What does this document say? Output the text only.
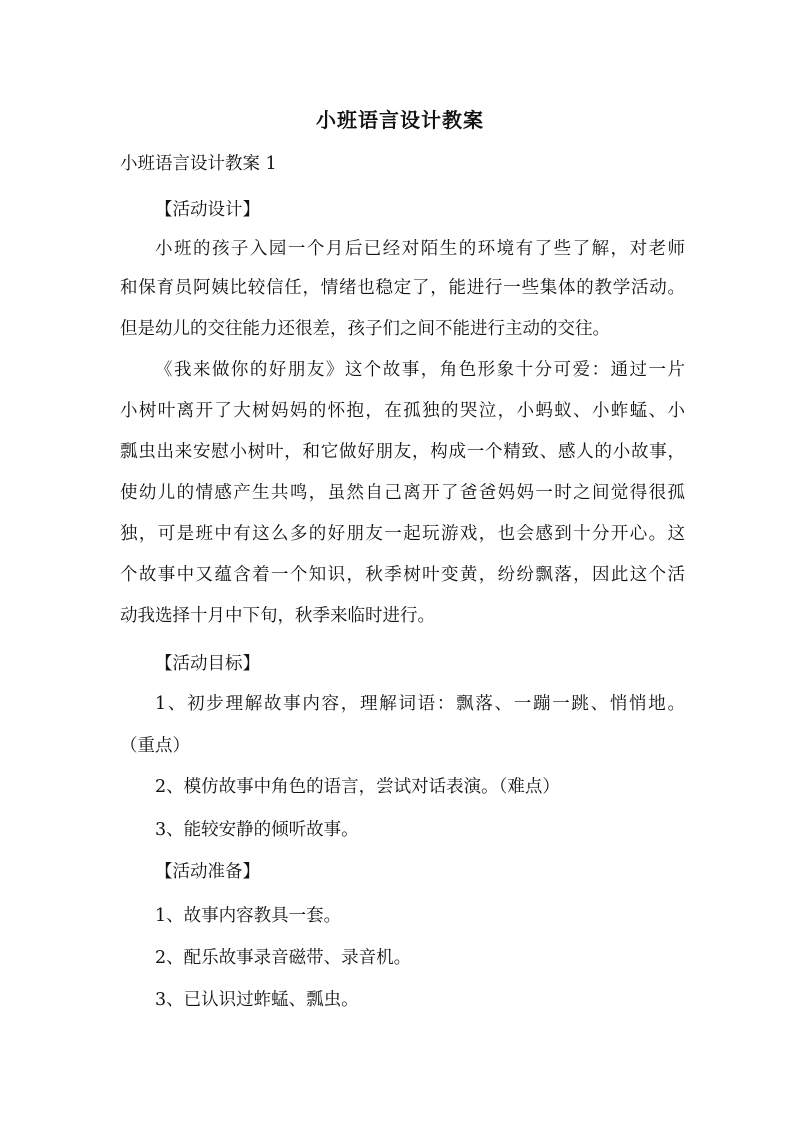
小班语言设计教案
小班语言设计教案 1
【活动设计】
小班的孩子入园一个月后已经对陌生的环境有了些了解，对老师
和保育员阿姨比较信任，情绪也稳定了，能进行一些集体的教学活动。
但是幼儿的交往能力还很差，孩子们之间不能进行主动的交往。
《我来做你的好朋友》这个故事，角色形象十分可爱：通过一片
小树叶离开了大树妈妈的怀抱，在孤独的哭泣，小蚂蚁、小蚱蜢、小
瓢虫出来安慰小树叶，和它做好朋友，构成一个精致、感人的小故事，
使幼儿的情感产生共鸣，虽然自己离开了爸爸妈妈一时之间觉得很孤
独，可是班中有这么多的好朋友一起玩游戏，也会感到十分开心。这
个故事中又蕴含着一个知识，秋季树叶变黄，纷纷飘落，因此这个活
动我选择十月中下旬，秋季来临时进行。
【活动目标】
1、初步理解故事内容，理解词语：飘落、一蹦一跳、悄悄地。
（重点）
2、模仿故事中角色的语言，尝试对话表演。（难点）
3、能较安静的倾听故事。
【活动准备】
1、故事内容教具一套。
2、配乐故事录音磁带、录音机。
3、已认识过蚱蜢、瓢虫。
